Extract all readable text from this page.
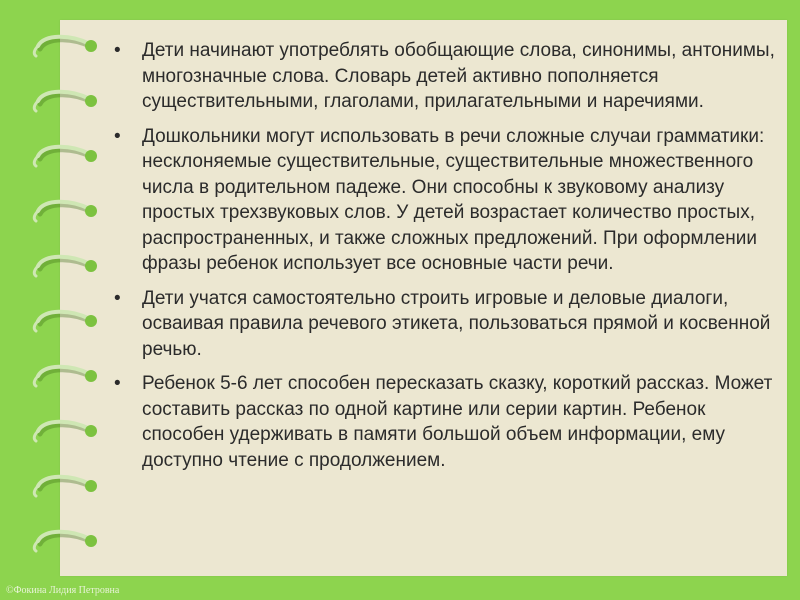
• Дети начинают употреблять обобщающие слова, синонимы, антонимы, многозначные слова. Словарь детей активно пополняется существительными, глаголами, прилагательными и наречиями.
• Дошкольники могут использовать в речи сложные случаи грамматики: несклоняемые существительные, существительные множественного числа в родительном падеже. Они способны к звуковому анализу простых трехзвуковых слов. У детей возрастает количество простых, распространенных, и также сложных предложений. При оформлении фразы ребенок использует все основные части речи.
• Дети учатся самостоятельно строить игровые и деловые диалоги, осваивая правила речевого этикета, пользоваться прямой и косвенной речью.
• Ребенок 5-6 лет способен пересказать сказку, короткий рассказ. Может составить рассказ по одной картине или серии картин. Ребенок способен удерживать в памяти большой объем информации, ему доступно чтение с продолжением.
©Фокина Лидия Петровна
